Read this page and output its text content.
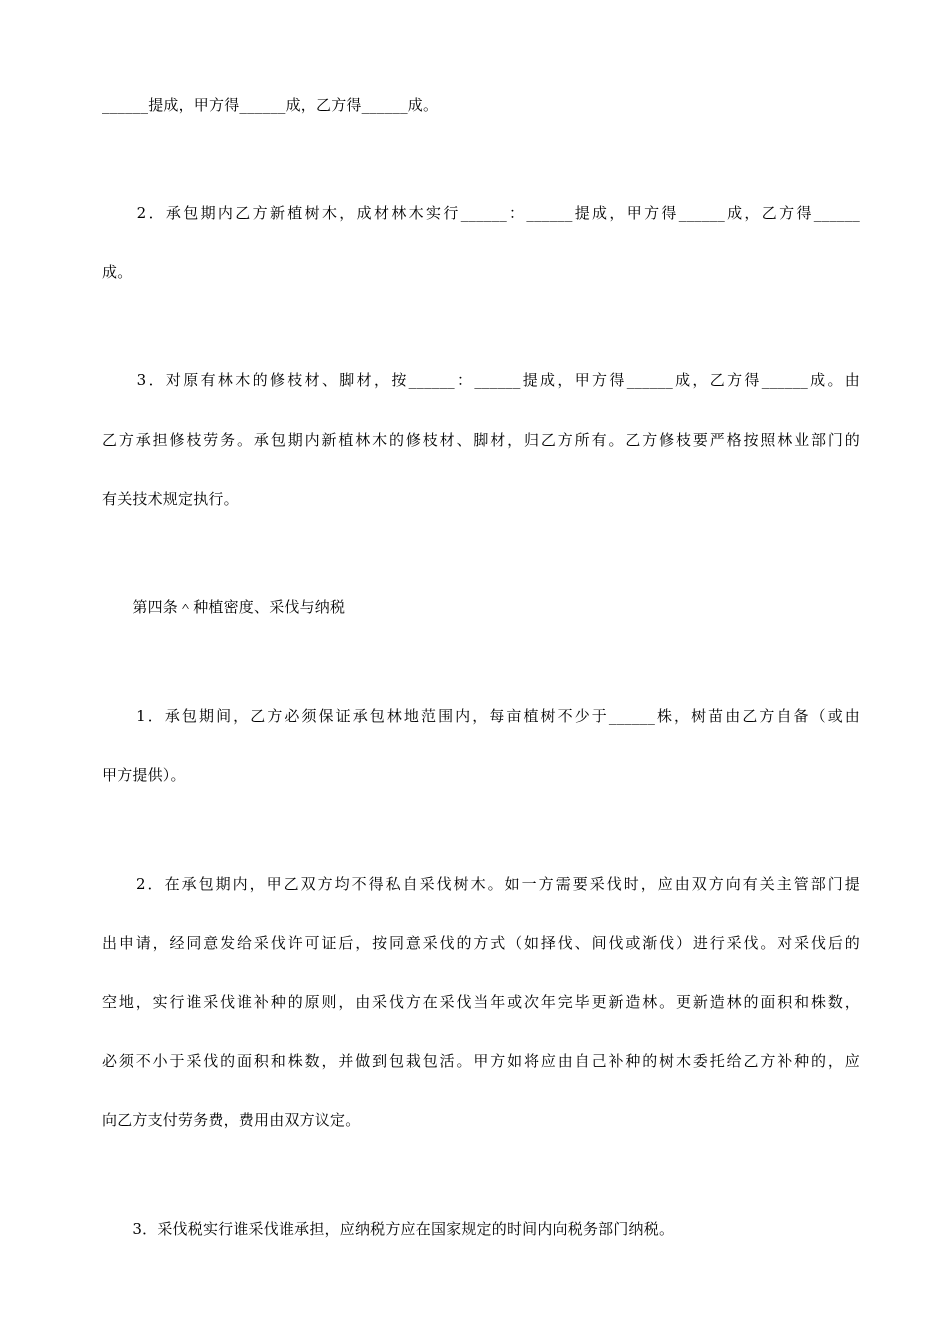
______提成，甲方得______成，乙方得______成。
　　2．承包期内乙方新植树木，成材林木实行______：______提成，甲方得______成，乙方得______
成。
　　3．对原有林木的修枝材、脚材，按______：______提成，甲方得______成，乙方得______成。由
乙方承担修枝劳务。承包期内新植林木的修枝材、脚材，归乙方所有。乙方修枝要严格按照林业部门的
有关技术规定执行。
　　第四条＾种植密度、采伐与纳税
　　1．承包期间，乙方必须保证承包林地范围内，每亩植树不少于______株，树苗由乙方自备（或由
甲方提供）。
　　2．在承包期内，甲乙双方均不得私自采伐树木。如一方需要采伐时，应由双方向有关主管部门提
出申请，经同意发给采伐许可证后，按同意采伐的方式（如择伐、间伐或渐伐）进行采伐。对采伐后的
空地，实行谁采伐谁补种的原则，由采伐方在采伐当年或次年完毕更新造林。更新造林的面积和株数，
必须不小于采伐的面积和株数，并做到包栽包活。甲方如将应由自己补种的树木委托给乙方补种的，应
向乙方支付劳务费，费用由双方议定。
　　3．采伐税实行谁采伐谁承担，应纳税方应在国家规定的时间内向税务部门纳税。
